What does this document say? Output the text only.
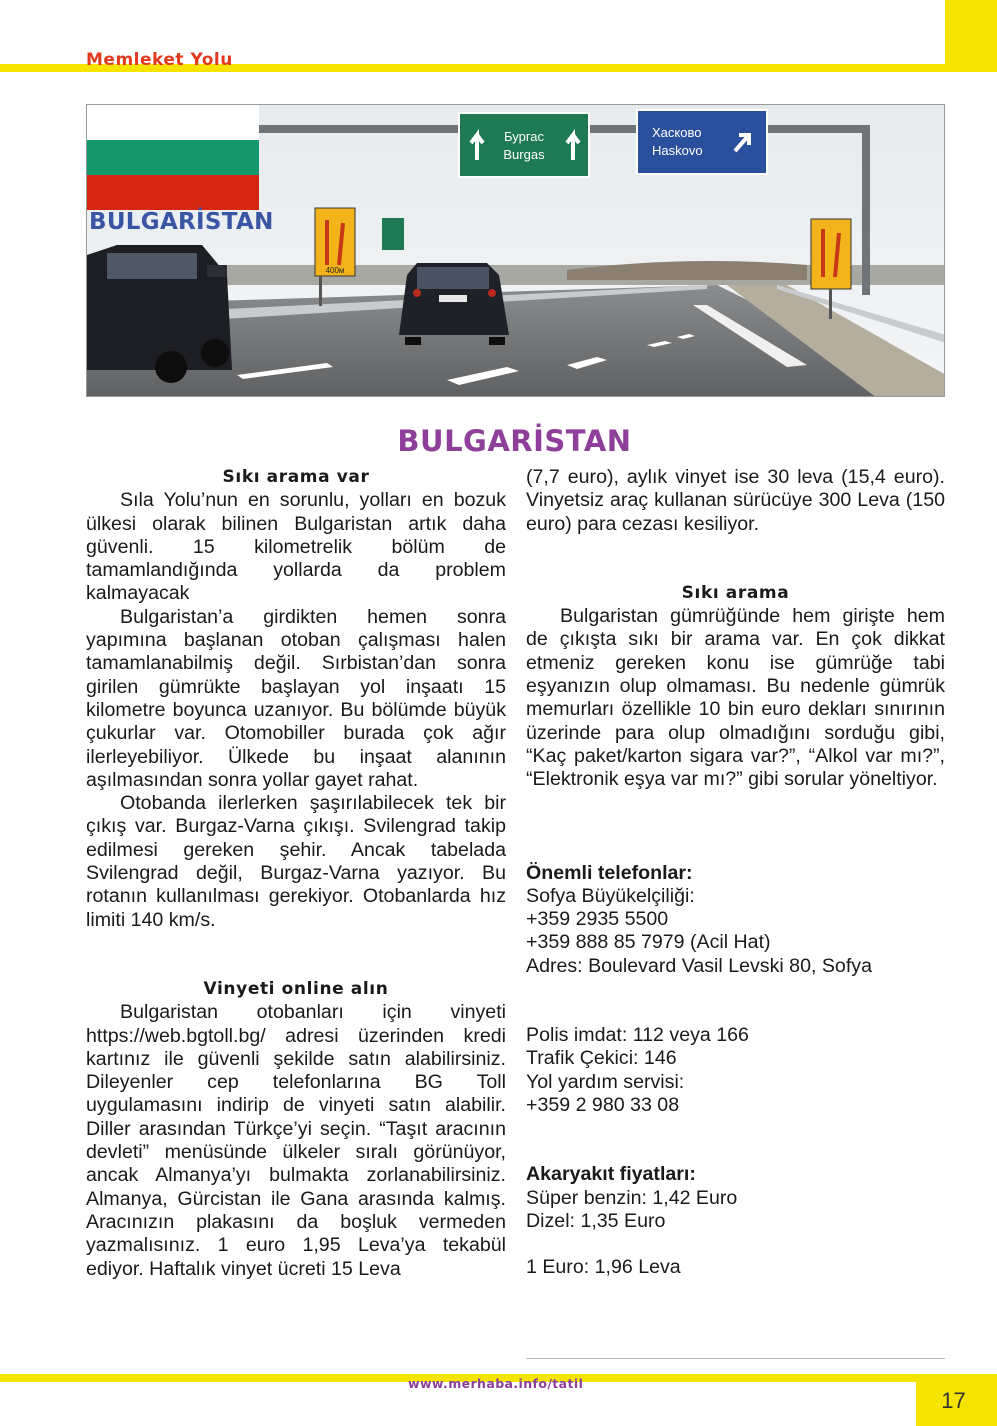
Memleket Yolu
Бургас
Burgas
Хасково
Haskovo
400м
BULGARİSTAN
BULGARİSTAN
Sıkı arama var

Sıla Yolu’nun en sorunlu, yolları en bozuk ülkesi olarak bilinen Bulgaristan artık daha güvenli. 15 kilometrelik bölüm de tamamlandığında yollarda da problem kalmayacak

Bulgaristan’a girdikten hemen sonra yapımına başlanan otoban çalışması halen tamamlanabilmiş değil. Sırbistan’dan sonra girilen gümrükte başlayan yol inşaatı 15 kilometre boyunca uzanıyor. Bu bölümde büyük çukurlar var. Otomobiller burada çok ağır ilerleyebiliyor. Ülkede bu inşaat alanının aşılmasından sonra yollar gayet rahat.

Otobanda ilerlerken şaşırılabilecek tek bir çıkış var. Burgaz-Varna çıkışı. Svilengrad takip edilmesi gereken şehir. Ancak tabelada Svilengrad değil, Burgaz-Varna yazıyor. Bu rotanın kullanılması gerekiyor. Otobanlarda hız limiti 140 km/s.

Vinyeti online alın

Bulgaristan otobanları için vinyeti https://web.bgtoll.bg/ adresi üzerinden kredi kartınız ile güvenli şekilde satın alabilirsiniz. Dileyenler cep telefonlarına BG Toll uygulamasını indirip de vinyeti satın alabilir. Diller arasından Türkçe’yi seçin. “Taşıt aracının devleti” menüsünde ülkeler sıralı görünüyor, ancak Almanya’yı bulmakta zorlanabilirsiniz. Almanya, Gürcistan ile Gana arasında kalmış. Aracınızın plakasını da boşluk vermeden yazmalısınız. 1 euro 1,95 Leva’ya tekabül ediyor. Haftalık vinyet ücreti 15 Leva

(7,7 euro), aylık vinyet ise 30 leva (15,4 euro). Vinyetsiz araç kullanan sürücüye 300 Leva (150 euro) para cezası kesiliyor.

Sıkı arama

Bulgaristan gümrüğünde hem girişte hem de çıkışta sıkı bir arama var. En çok dikkat etmeniz gereken konu ise gümrüğe tabi eşyanızın olup olmaması. Bu nedenle gümrük memurları özellikle 10 bin euro dekları sınırının üzerinde para olup olmadığını sorduğu gibi, “Kaç paket/karton sigara var?”, “Alkol var mı?”, “Elektronik eşya var mı?” gibi sorular yöneltiyor.

Önemli telefonlar:
Sofya Büyükelçiliği:
+359 2935 5500
+359 888 85 7979 (Acil Hat)
Adres: Boulevard Vasil Levski 80, Sofya
Polis imdat: 112 veya 166
Trafik Çekici: 146
Yol yardım servisi:
+359 2 980 33 08
Akaryakıt fiyatları:
Süper benzin: 1,42 Euro
Dizel: 1,35 Euro
1 Euro: 1,96 Leva
www.merhaba.info/tatil
17
